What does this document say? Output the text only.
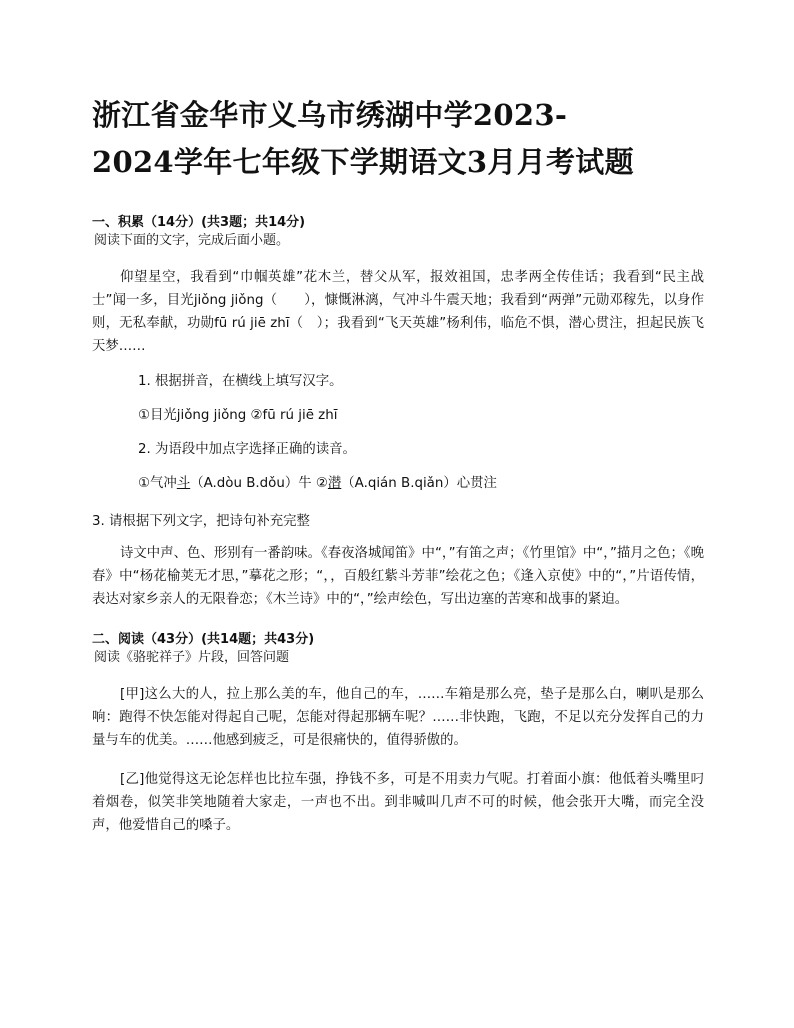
浙江省金华市义乌市绣湖中学2023-
2024学年七年级下学期语文3月月考试题
一、积累（14分）(共3题；共14分)
阅读下面的文字，完成后面小题。
仰望星空，我看到“巾帼英雄”花木兰，替父从军，报效祖国，忠孝两全传佳话；我看到“民主战士”闻一多，目光jiǒng jiǒng（　　），慷慨淋漓，气冲斗牛震天地；我看到“两弹”元勋邓稼先，以身作则，无私奉献，功勋fū rú jiē zhī（　）；我看到“飞天英雄”杨利伟，临危不惧，潜心贯注，担起民族飞天梦……
1. 根据拼音，在横线上填写汉字。
①目光jiǒng jiǒng ②fū rú jiē zhī
2. 为语段中加点字选择正确的读音。
①气冲斗（A.dòu B.dǒu）牛 ②潜（A.qián B.qiǎn）心贯注
3. 请根据下列文字，把诗句补充完整
诗文中声、色、形别有一番韵味。《春夜洛城闻笛》中“，”有笛之声；《竹里馆》中“，”描月之色；《晚春》中“杨花榆荚无才思，”摹花之形；“，，百般红紫斗芳菲”绘花之色；《逢入京使》中的“，”片语传情，表达对家乡亲人的无限眷恋；《木兰诗》中的“，”绘声绘色，写出边塞的苦寒和战事的紧迫。
二、阅读（43分）(共14题；共43分)
阅读《骆驼祥子》片段，回答问题
[甲]这么大的人，拉上那么美的车，他自己的车，……车箱是那么亮，垫子是那么白，喇叭是那么响：跑得不快怎能对得起自己呢，怎能对得起那辆车呢？……非快跑，飞跑，不足以充分发挥自己的力量与车的优美。……他感到疲乏，可是很痛快的，值得骄傲的。
[乙]他觉得这无论怎样也比拉车强，挣钱不多，可是不用卖力气呢。打着面小旗：他低着头嘴里叼着烟卷，似笑非笑地随着大家走，一声也不出。到非喊叫几声不可的时候，他会张开大嘴，而完全没声，他爱惜自己的嗓子。
